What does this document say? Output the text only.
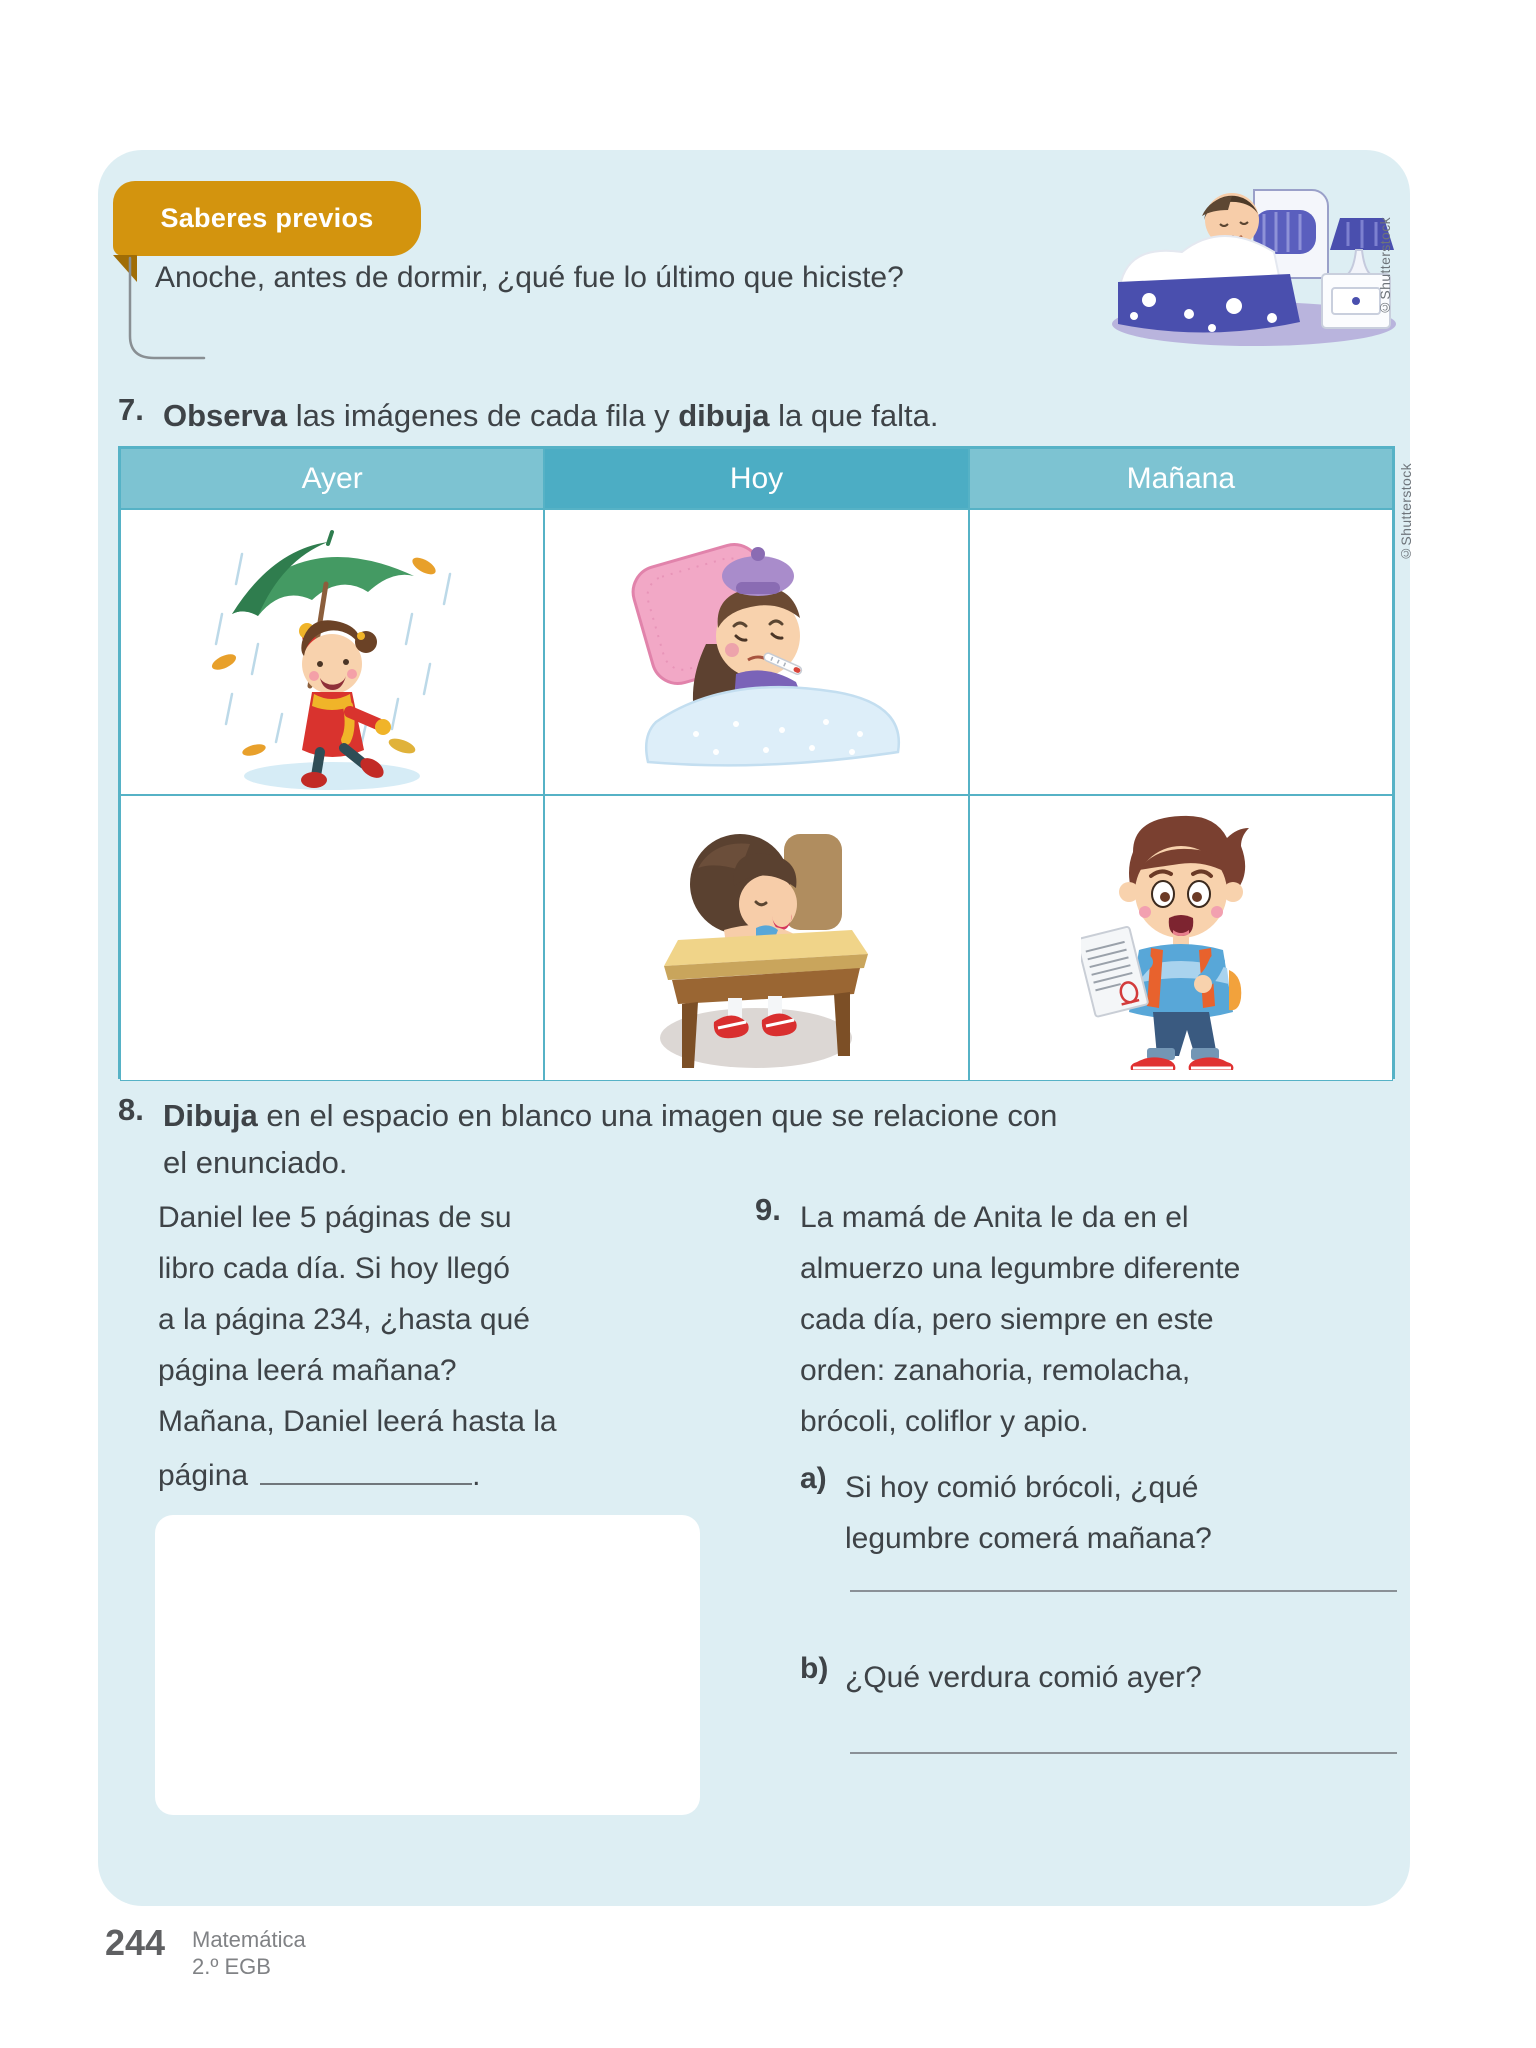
Saberes previos
Anoche, antes de dormir, ¿qué fue lo último que hiciste?	©Shutterstock
7. Observa las imágenes de cada fila y dibuja la que falta.
Ayer	Hoy	Mañana	©Shutterstock
8. Dibuja en el espacio en blanco una imagen que se relacione con
el enunciado.
Daniel lee 5 páginas de su
libro cada día. Si hoy llegó
a la página 234, ¿hasta qué
página leerá mañana?
Mañana, Daniel leerá hasta la
página	.
9. La mamá de Anita le da en el
almuerzo una legumbre diferente
cada día, pero siempre en este
orden: zanahoria, remolacha,
brócoli, coliflor y apio.
a) Si hoy comió brócoli, ¿qué
legumbre comerá mañana?
b) ¿Qué verdura comió ayer?
244 Matemática
2.º EGB
